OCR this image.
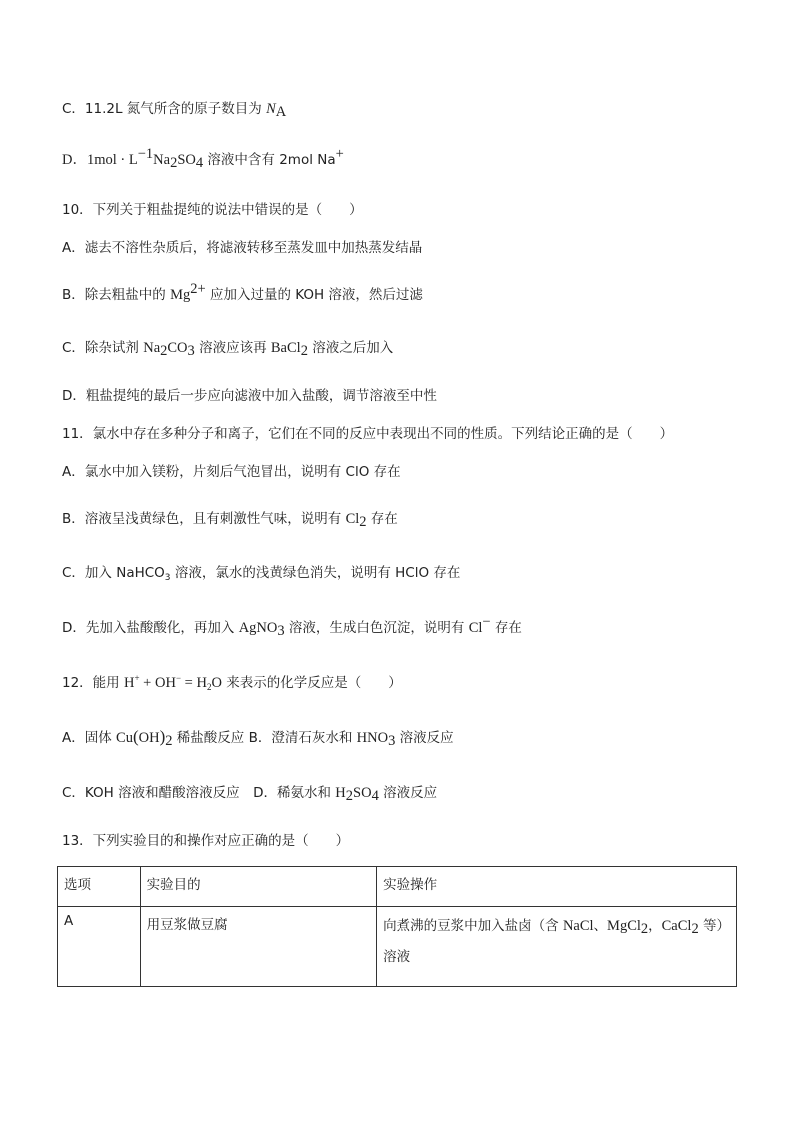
C．11.2L 氮气所含的原子数目为 $N_A$
D．$1mol \cdot L^{-1}Na_2SO_4$ 溶液中含有 2mol Na+
10．下列关于粗盐提纯的说法中错误的是（　　）
A．滤去不溶性杂质后，将滤液转移至蒸发皿中加热蒸发结晶
B．除去粗盐中的 $Mg^{2+}$ 应加入过量的 KOH 溶液，然后过滤
C．除杂试剂 $Na_2CO_3$ 溶液应该再 BaCl$_2$ 溶液之后加入
D．粗盐提纯的最后一步应向滤液中加入盐酸，调节溶液至中性
11．氯水中存在多种分子和离子，它们在不同的反应中表现出不同的性质。下列结论正确的是（　　）
A．氯水中加入镁粉，片刻后气泡冒出，说明有 ClO 存在
B．溶液呈浅黄绿色，且有刺激性气味，说明有 $Cl_2$ 存在
C．加入 NaHCO$_3$ 溶液，氯水的浅黄绿色消失，说明有 HClO 存在
D．先加入盐酸酸化，再加入 AgNO$_3$ 溶液，生成白色沉淀，说明有 Cl− 存在
12．能用 $H^+ + OH^- = H_2O$ 来表示的化学反应是（　　）
A．固体 $Cu(OH)_2$ 稀盐酸反应 B．澄清石灰水和 $HNO_3$ 溶液反应
C．KOH 溶液和醋酸溶液反应　D．稀氨水和 $H_2SO_4$ 溶液反应
13．下列实验目的和操作对应正确的是（　　）
选项	实验目的	实验操作
A	用豆浆做豆腐	向煮沸的豆浆中加入盐卤（含 NaCl、MgCl$_2$，CaCl$_2$ 等）
溶液
